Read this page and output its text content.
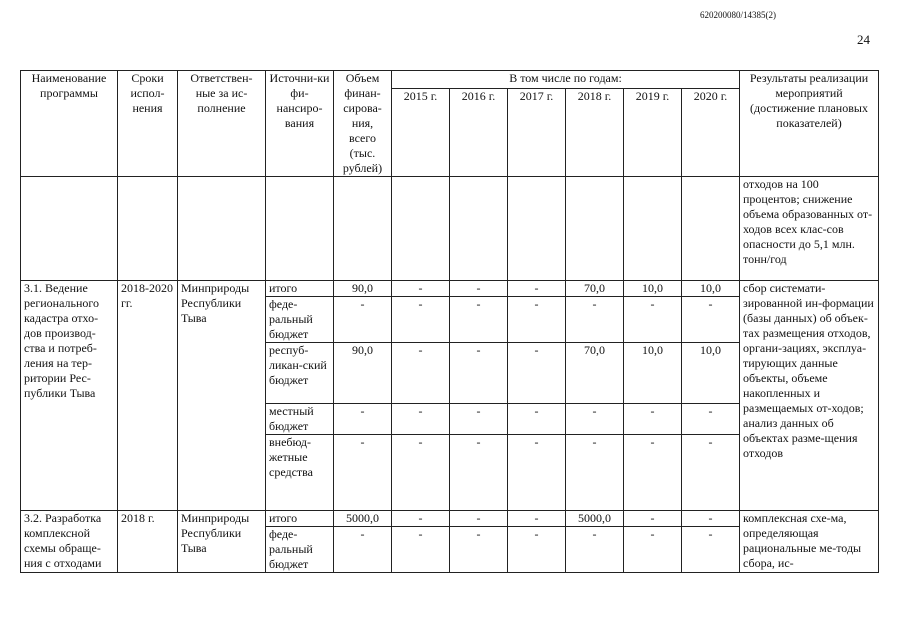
620200080/14385(2)
24
Наименование программы	Сроки испол-нения	Ответствен-ные за ис-полнение	Источни-ки фи-нансиро-вания	Объем финан-сирова-ния, всего (тыс. рублей)	В том числе по годам:						Результаты реализации мероприятий (достижение плановых показателей)
					2015 г.	2016 г.	2017 г.	2018 г.	2019 г.	2020 г.	
											отходов на 100 процентов; снижение объема образованных от-ходов всех клас-сов опасности до 5,1 млн. тонн/год
3.1. Ведение регионального кадастра отхо-дов производ-ства и потреб-ления на тер-ритории Рес-публики Тыва	2018-2020 гг.	Минприроды Республики Тыва	итого	90,0	-	-	-	70,0	10,0	10,0	сбор системати-зированной ин-формации (базы данных) об объек-тах размещения отходов, органи-зациях, эксплуа-тирующих данные объекты, объеме накопленных и размещаемых от-ходов; анализ данных об объектах разме-щения отходов
			феде-ральный бюджет	-	-	-	-	-	-	-	
			респуб-ликан-ский бюджет	90,0	-	-	-	70,0	10,0	10,0	
			местный бюджет	-	-	-	-	-	-	-	
			внебюд-жетные средства	-	-	-	-	-	-	-	
3.2. Разработка комплексной схемы обраще-ния с отходами	2018 г.	Минприроды Республики Тыва	итого	5000,0	-	-	-	5000,0	-	-	комплексная схе-ма, определяющая рациональные ме-тоды сбора, ис-
			феде-ральный бюджет	-	-	-	-	-	-	-	
